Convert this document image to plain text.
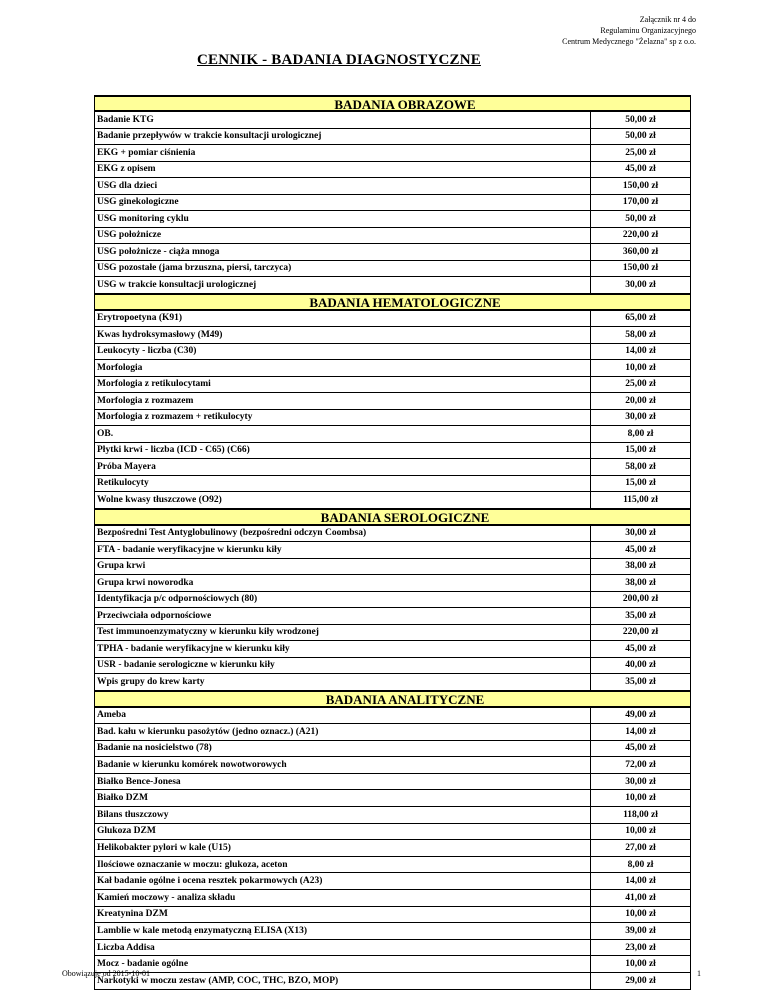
Załącznik nr 4 do
Regulaminu Organizacyjnego
Centrum Medycznego "Żelazna" sp z o.o.
CENNIK - BADANIA DIAGNOSTYCZNE
BADANIA OBRAZOWE
Badanie KTG	50,00 zł
Badanie przepływów w trakcie konsultacji urologicznej	50,00 zł
EKG + pomiar ciśnienia	25,00 zł
EKG z opisem	45,00 zł
USG dla dzieci	150,00 zł
USG ginekologiczne	170,00 zł
USG monitoring cyklu	50,00 zł
USG położnicze	220,00 zł
USG położnicze - ciąża mnoga	360,00 zł
USG pozostałe (jama brzuszna, piersi, tarczyca)	150,00 zł
USG w trakcie konsultacji urologicznej	30,00 zł
BADANIA HEMATOLOGICZNE
Erytropoetyna (K91)	65,00 zł
Kwas hydroksymasłowy (M49)	58,00 zł
Leukocyty - liczba (C30)	14,00 zł
Morfologia	10,00 zł
Morfologia z retikulocytami	25,00 zł
Morfologia z rozmazem	20,00 zł
Morfologia z rozmazem + retikulocyty	30,00 zł
OB.	8,00 zł
Płytki krwi - liczba (ICD - C65) (C66)	15,00 zł
Próba Mayera	58,00 zł
Retikulocyty	15,00 zł
Wolne kwasy tłuszczowe (O92)	115,00 zł
BADANIA SEROLOGICZNE
Bezpośredni Test Antyglobulinowy (bezpośredni odczyn Coombsa)	30,00 zł
FTA - badanie weryfikacyjne w kierunku kiły	45,00 zł
Grupa krwi	38,00 zł
Grupa krwi noworodka	38,00 zł
Identyfikacja p/c odpornościowych (80)	200,00 zł
Przeciwciała odpornościowe	35,00 zł
Test immunoenzymatyczny w kierunku kiły wrodzonej	220,00 zł
TPHA - badanie weryfikacyjne w kierunku kiły	45,00 zł
USR - badanie serologiczne w kierunku kiły	40,00 zł
Wpis grupy do krew karty	35,00 zł
BADANIA ANALITYCZNE
Ameba	49,00 zł
Bad. kału w kierunku pasożytów (jedno oznacz.) (A21)	14,00 zł
Badanie na nosicielstwo (78)	45,00 zł
Badanie w kierunku komórek nowotworowych	72,00 zł
Białko Bence-Jonesa	30,00 zł
Białko DZM	10,00 zł
Bilans tłuszczowy	118,00 zł
Glukoza DZM	10,00 zł
Helikobakter pylori w kale (U15)	27,00 zł
Ilościowe oznaczanie w moczu: glukoza, aceton	8,00 zł
Kał badanie ogólne i ocena resztek pokarmowych (A23)	14,00 zł
Kamień moczowy - analiza składu	41,00 zł
Kreatynina DZM	10,00 zł
Lamblie w kale metodą enzymatyczną ELISA (X13)	39,00 zł
Liczba Addisa	23,00 zł
Mocz - badanie ogólne	10,00 zł
Narkotyki w moczu zestaw (AMP, COC, THC, BZO, MOP)	29,00 zł
Obowiązuje od 2015-10-01	1
